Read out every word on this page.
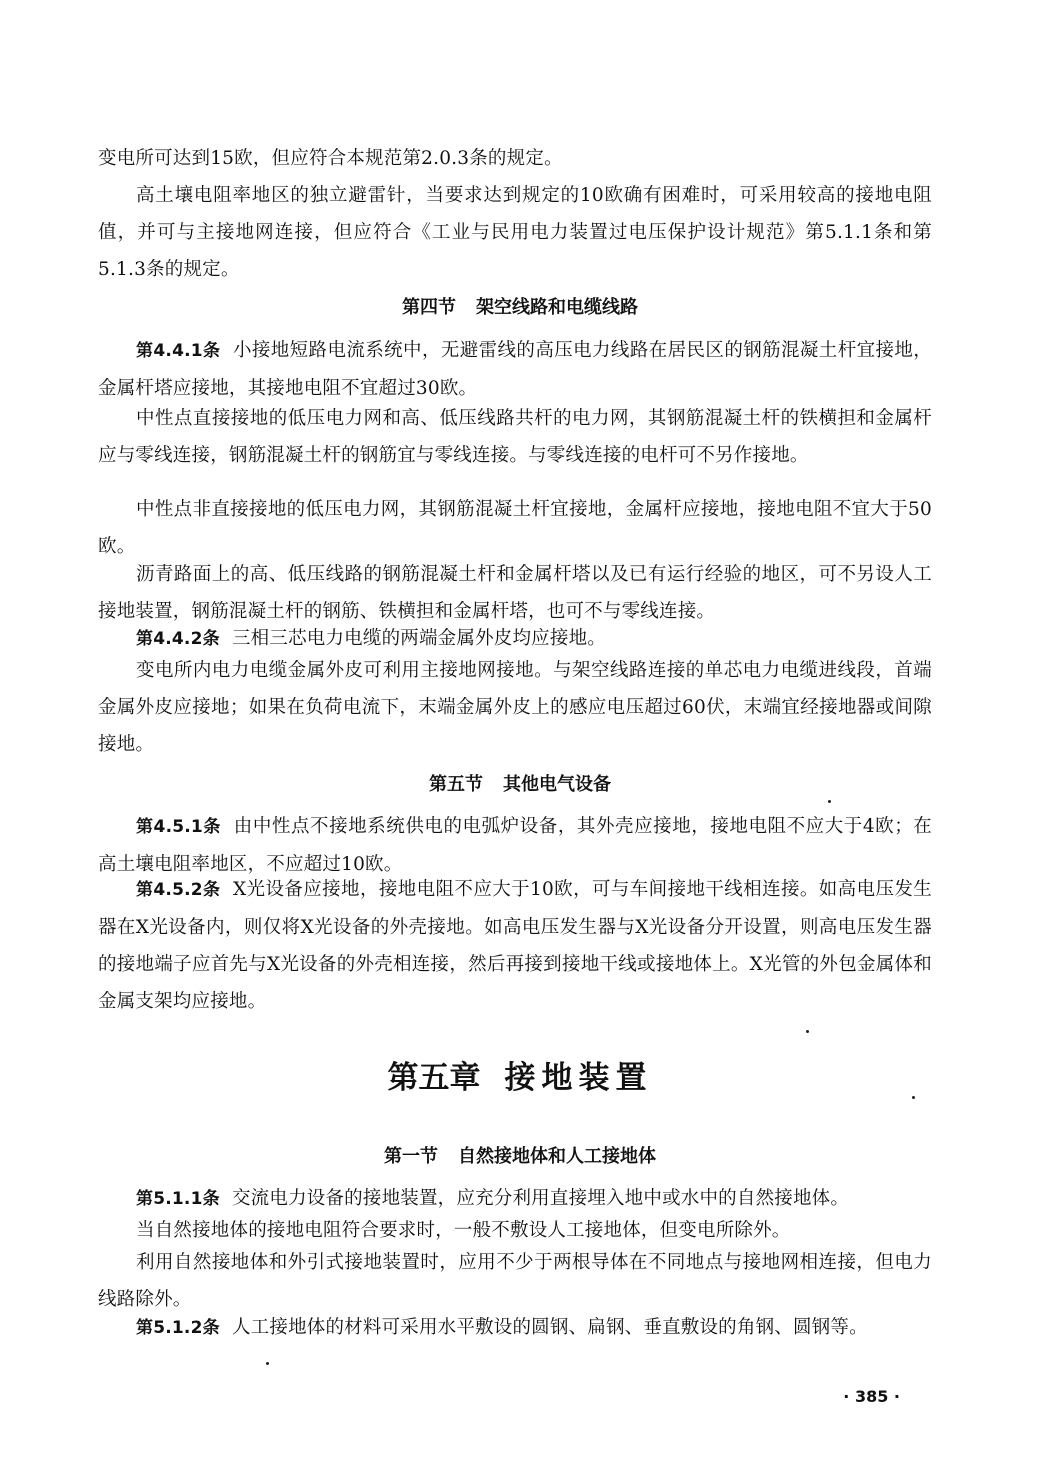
变电所可达到15欧，但应符合本规范第2.0.3条的规定。

高土壤电阻率地区的独立避雷针，当要求达到规定的10欧确有困难时，可采用较高的接地电阻值，并可与主接地网连接，但应符合《工业与民用电力装置过电压保护设计规范》第5.1.1条和第5.1.3条的规定。

第四节 架空线路和电缆线路

第4.4.1条 小接地短路电流系统中，无避雷线的高压电力线路在居民区的钢筋混凝土杆宜接地，金属杆塔应接地，其接地电阻不宜超过30欧。

中性点直接接地的低压电力网和高、低压线路共杆的电力网，其钢筋混凝土杆的铁横担和金属杆应与零线连接，钢筋混凝土杆的钢筋宜与零线连接。与零线连接的电杆可不另作接地。

中性点非直接接地的低压电力网，其钢筋混凝土杆宜接地，金属杆应接地，接地电阻不宜大于50欧。

沥青路面上的高、低压线路的钢筋混凝土杆和金属杆塔以及已有运行经验的地区，可不另设人工接地装置，钢筋混凝土杆的钢筋、铁横担和金属杆塔，也可不与零线连接。

第4.4.2条 三相三芯电力电缆的两端金属外皮均应接地。

变电所内电力电缆金属外皮可利用主接地网接地。与架空线路连接的单芯电力电缆进线段，首端金属外皮应接地；如果在负荷电流下，末端金属外皮上的感应电压超过60伏，末端宜经接地器或间隙接地。

第五节 其他电气设备

第4.5.1条 由中性点不接地系统供电的电弧炉设备，其外壳应接地，接地电阻不应大于4欧；在高土壤电阻率地区，不应超过10欧。

第4.5.2条 X光设备应接地，接地电阻不应大于10欧，可与车间接地干线相连接。如高电压发生器在X光设备内，则仅将X光设备的外壳接地。如高电压发生器与X光设备分开设置，则高电压发生器的接地端子应首先与X光设备的外壳相连接，然后再接到接地干线或接地体上。X光管的外包金属体和金属支架均应接地。

第五章 接地装置
第一节 自然接地体和人工接地体

第5.1.1条 交流电力设备的接地装置，应充分利用直接埋入地中或水中的自然接地体。

当自然接地体的接地电阻符合要求时，一般不敷设人工接地体，但变电所除外。

利用自然接地体和外引式接地装置时，应用不少于两根导体在不同地点与接地网相连接，但电力线路除外。

第5.1.2条 人工接地体的材料可采用水平敷设的圆钢、扁钢、垂直敷设的角钢、圆钢等。

· 385 ·
